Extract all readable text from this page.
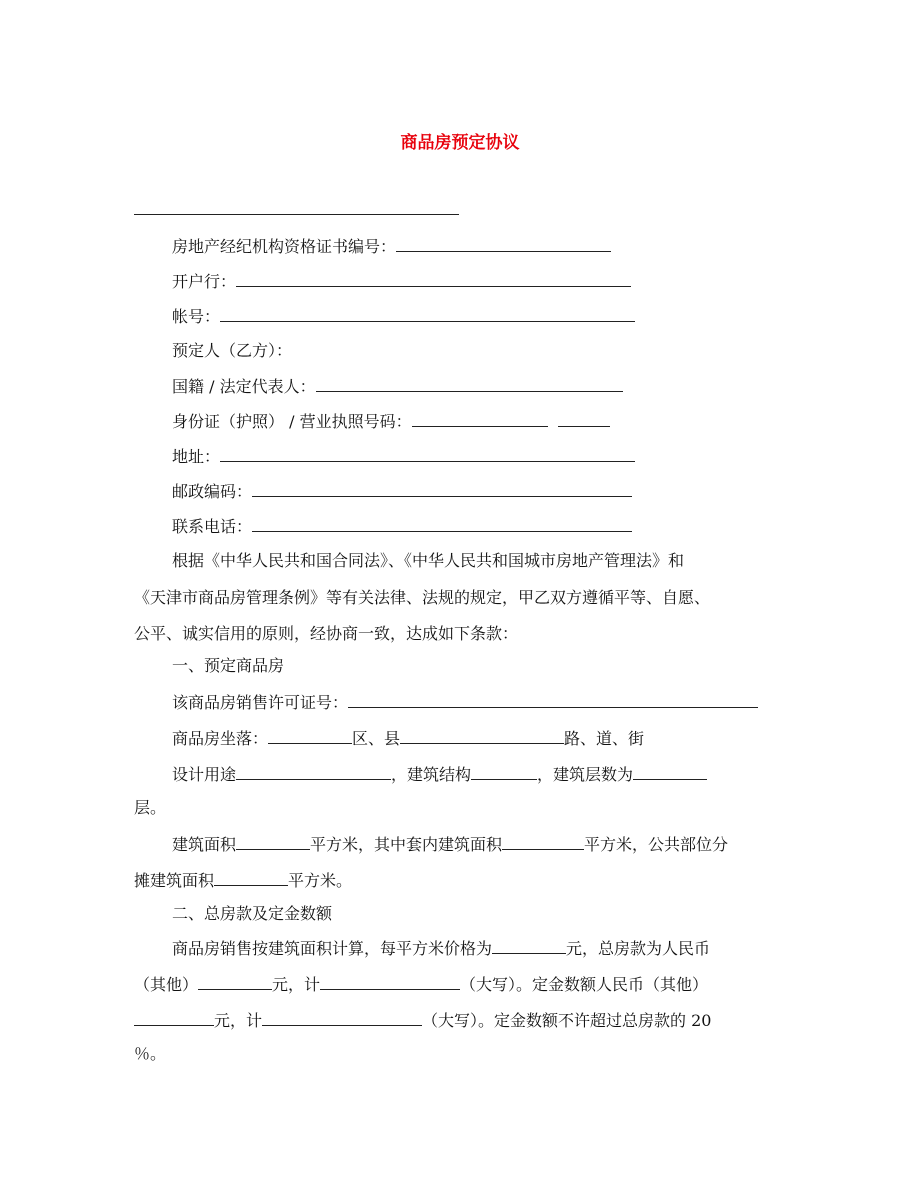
商品房预定协议
房地产经纪机构资格证书编号：
开户行：
帐号：
预定人（乙方）：
国籍 / 法定代表人：
身份证（护照） / 营业执照号码：
地址：
邮政编码：
联系电话：
根据《中华人民共和国合同法》、《中华人民共和国城市房地产管理法》和
《天津市商品房管理条例》等有关法律、法规的规定，甲乙双方遵循平等、自愿、
公平、诚实信用的原则，经协商一致，达成如下条款：
一、预定商品房
该商品房销售许可证号：
商品房坐落：	区、县	路、道、街
设计用途	，建筑结构	，建筑层数为
层。
建筑面积	平方米，其中套内建筑面积	平方米，公共部位分
摊建筑面积	平方米。
二、总房款及定金数额
商品房销售按建筑面积计算，每平方米价格为	元，总房款为人民币
（其他）	元，计	（大写）。定金数额人民币（其他）
元，计	（大写）。定金数额不许超过总房款的 20
％。
